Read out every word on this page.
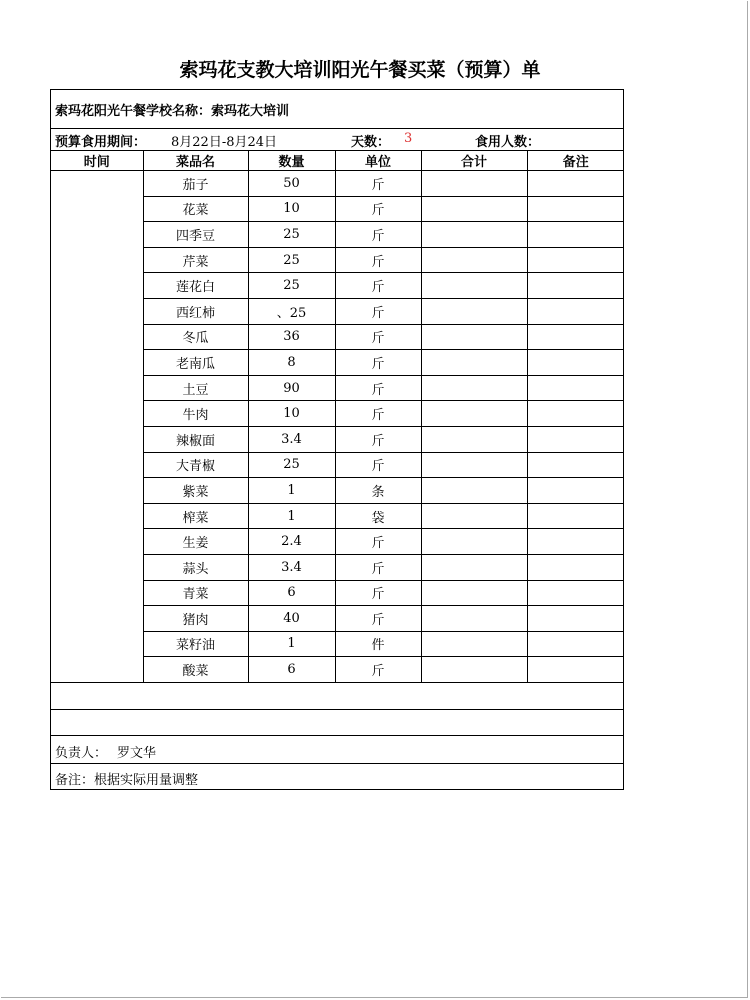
索玛花支教大培训阳光午餐买菜（预算）单
索玛花阳光午餐学校名称：索玛花大培训
预算食用期间： 8月22日-8月24日	天数： 3	食用人数：
时间	菜品名	数量	单位	合计	备注
	茄子	50	斤		
	花菜	10	斤		
	四季豆	25	斤		
	芹菜	25	斤		
	莲花白	25	斤		
	西红柿	、25	斤		
	冬瓜	36	斤		
	老南瓜	8	斤		
	土豆	90	斤		
	牛肉	10	斤		
	辣椒面	3.4	斤		
	大青椒	25	斤		
	紫菜	1	条		
	榨菜	1	袋		
	生姜	2.4	斤		
	蒜头	3.4	斤		
	青菜	6	斤		
	猪肉	40	斤		
	菜籽油	1	件		
	酸菜	6	斤		
负责人： 罗文华
备注：根据实际用量调整
